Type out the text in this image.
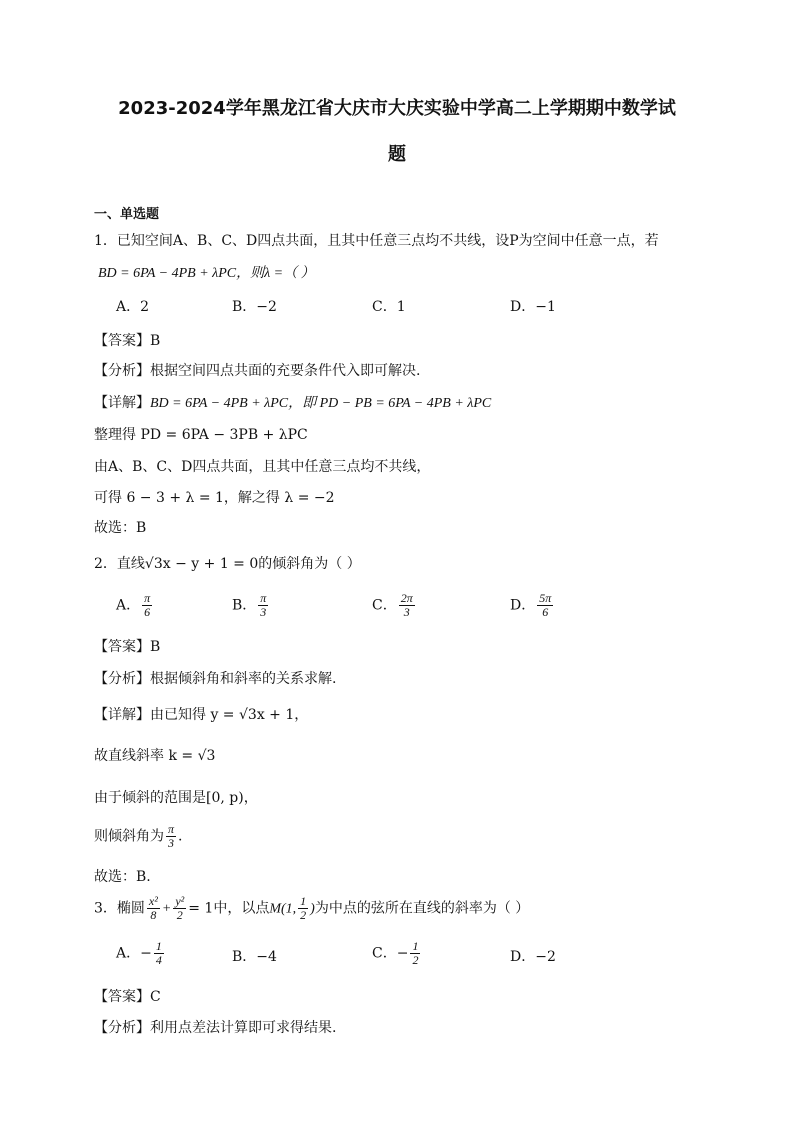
2023-2024学年黑龙江省大庆市大庆实验中学高二上学期期中数学试
题
一、单选题
1．已知空间A、B、C、D四点共面，且其中任意三点均不共线，设P为空间中任意一点，若
BD = 6PA − 4PB + λPC，则λ =（ ）
A．2	B．−2	C．1	D．−1
【答案】B
【分析】根据空间四点共面的充要条件代入即可解决.
【详解】BD = 6PA − 4PB + λPC，即 PD − PB = 6PA − 4PB + λPC
整理得 PD = 6PA − 3PB + λPC
由A、B、C、D四点共面，且其中任意三点均不共线，
可得 6 − 3 + λ = 1，解之得 λ = −2
故选：B
2．直线√3x − y + 1 = 0的倾斜角为（ ）
A． $\frac{\pi}{6}$	B． $\frac{\pi}{3}$	C． $\frac{2\pi}{3}$	D． $\frac{5\pi}{6}$
【答案】B
【分析】根据倾斜角和斜率的关系求解.
【详解】由已知得 y = √3x + 1，
故直线斜率 k = √3
由于倾斜的范围是[0, p)，
则倾斜角为 $\frac{\pi}{3}$ .
故选：B.
3．椭圆 $\frac{\text{x²}}{8} + \frac{\text{y²}}{2} = 1$中，以点M(1, $\frac{1}{2}$ )为中点的弦所在直线的斜率为（ ）
A．− $\frac{1}{4}$	B．−4	C．− $\frac{1}{2}$	D．−2
【答案】C
【分析】利用点差法计算即可求得结果.
